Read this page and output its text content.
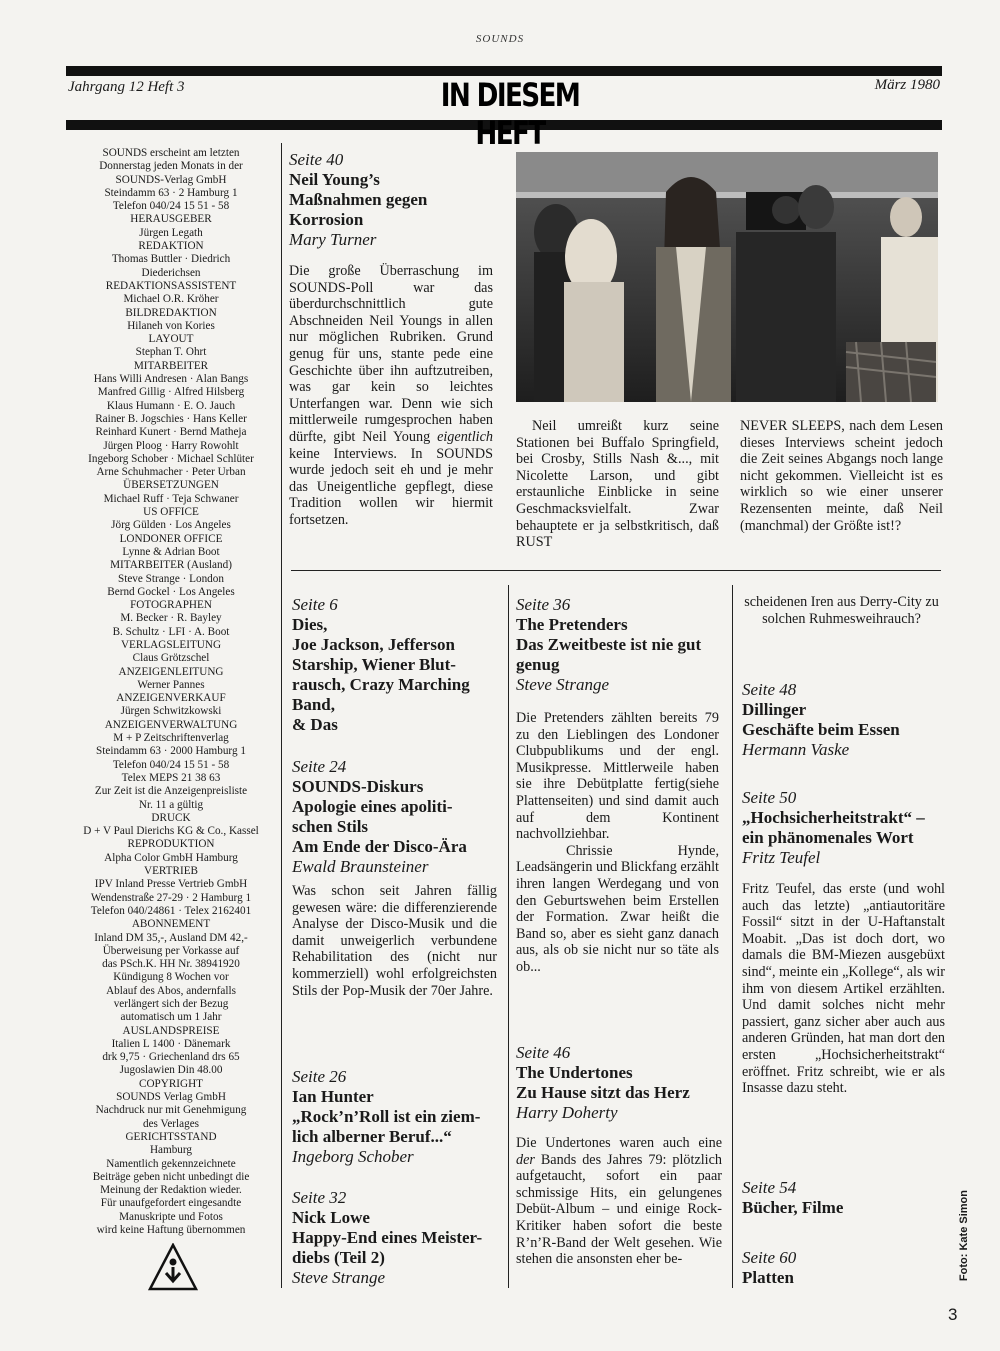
SOUNDS
Jahrgang 12 Heft 3	IN DIESEM HEFT
März 1980
SOUNDS erscheint am letzten
Donnerstag jeden Monats in der
SOUNDS-Verlag GmbH
Steindamm 63 · 2 Hamburg 1
Telefon 040/24 15 51 - 58
HERAUSGEBER
Jürgen Legath
REDAKTION
Thomas Buttler · Diedrich
Diederichsen
REDAKTIONSASSISTENT
Michael O.R. Kröher
BILDREDAKTION
Hilaneh von Kories
LAYOUT
Stephan T. Ohrt
MITARBEITER
Hans Willi Andresen · Alan Bangs
Manfred Gillig · Alfred Hilsberg
Klaus Humann · E. O. Jauch
Rainer B. Jogschies · Hans Keller
Reinhard Kunert · Bernd Matheja
Jürgen Ploog · Harry Rowohlt
Ingeborg Schober · Michael Schlüter
Arne Schuhmacher · Peter Urban
ÜBERSETZUNGEN
Michael Ruff · Teja Schwaner
US OFFICE
Jörg Gülden · Los Angeles
LONDONER OFFICE
Lynne & Adrian Boot
MITARBEITER (Ausland)
Steve Strange · London
Bernd Gockel · Los Angeles
FOTOGRAPHEN
M. Becker · R. Bayley
B. Schultz · LFI · A. Boot
VERLAGSLEITUNG
Claus Grötzschel
ANZEIGENLEITUNG
Werner Pannes
ANZEIGENVERKAUF
Jürgen Schwitzkowski
ANZEIGENVERWALTUNG
M + P Zeitschriftenverlag
Steindamm 63 · 2000 Hamburg 1
Telefon 040/24 15 51 - 58
Telex MEPS 21 38 63
Zur Zeit ist die Anzeigenpreisliste
Nr. 11 a gültig
DRUCK
D + V Paul Dierichs KG & Co., Kassel
REPRODUKTION
Alpha Color GmbH Hamburg
VERTRIEB
IPV Inland Presse Vertrieb GmbH
Wendenstraße 27-29 · 2 Hamburg 1
Telefon 040/24861 · Telex 2162401
ABONNEMENT
Inland DM 35,-, Ausland DM 42,-
Überweisung per Vorkasse auf
das PSch.K. HH Nr. 38941920
Kündigung 8 Wochen vor
Ablauf des Abos, andernfalls
verlängert sich der Bezug
automatisch um 1 Jahr
AUSLANDSPREISE
Italien L 1400 · Dänemark
drk 9,75 · Griechenland drs 65
Jugoslawien Din 48.00
COPYRIGHT
SOUNDS Verlag GmbH
Nachdruck nur mit Genehmigung
des Verlages
GERICHTSSTAND
Hamburg
Namentlich gekennzeichnete
Beiträge geben nicht unbedingt die
Meinung der Redaktion wieder.
Für unaufgefordert eingesandte
Manuskripte und Fotos
wird keine Haftung übernommen
Seite 40
Neil Young’s
Maßnahmen gegen
Korrosion
Mary Turner

Die große Überraschung im SOUNDS-Poll war das überdurchschnittlich gute Abschneiden Neil Youngs in allen nur möglichen Rubriken. Grund genug für uns, stante pede eine Geschichte über ihn auftzutreiben, was gar kein so leichtes Unterfangen war. Denn wie sich mittlerweile rumgesprochen haben dürfte, gibt Neil Young eigentlich keine Interviews. In SOUNDS wurde jedoch seit eh und je mehr das Uneigentliche gepflegt, diese Tradition wollen wir hiermit fortsetzen.

Neil umreißt kurz seine Stationen bei Buffalo Springfield, bei Crosby, Stills Nash &..., mit Nicolette Larson, und gibt erstaunliche Einblicke in seine Geschmacksvielfalt. Zwar behauptete er ja selbstkritisch, daß RUST

NEVER SLEEPS, nach dem Lesen dieses Interviews scheint jedoch die Zeit seines Abgangs noch lange nicht gekommen. Vielleicht ist es wirklich so wie einer unserer Rezensenten meinte, daß Neil (manchmal) der Größte ist!?

Seite 6
Dies,
Joe Jackson, Jefferson
Starship, Wiener Blut-
rausch, Crazy Marching
Band,
& Das
Seite 24
SOUNDS-Diskurs
Apologie eines apoliti-
schen Stils
Am Ende der Disco-Ära
Ewald Braunsteiner

Was schon seit Jahren fällig gewesen wäre: die differenzierende Analyse der Disco-Musik und die damit unweigerlich verbundene Rehabilitation des (nicht nur kommerziell) wohl erfolgreichsten Stils der Pop-Musik der 70er Jahre.

Seite 26
Ian Hunter
„Rock’n’Roll ist ein ziem-
lich alberner Beruf...“
Ingeborg Schober
Seite 32
Nick Lowe
Happy-End eines Meister-
diebs (Teil 2)
Steve Strange
Seite 36
The Pretenders
Das Zweitbeste ist nie gut
genug
Steve Strange

Die Pretenders zählten bereits 79 zu den Lieblingen des Londoner Clubpublikums und der engl. Musikpresse. Mittlerweile haben sie ihre Debütplatte fertig(siehe Plattenseiten) und sind damit auch auf dem Kontinent nachvollziehbar.

Chrissie Hynde, Leadsängerin und Blickfang erzählt ihren langen Werdegang und von den Geburtswehen beim Erstellen der Formation. Zwar heißt die Band so, aber es sieht ganz danach aus, als ob sie nicht nur so täte als ob...

Seite 46
The Undertones
Zu Hause sitzt das Herz
Harry Doherty

Die Undertones waren auch eine der Bands des Jahres 79: plötzlich aufgetaucht, sofort ein paar schmissige Hits, ein gelungenes Debüt-Album – und einige Rock-Kritiker haben sofort die beste R’n’R-Band der Welt gesehen. Wie stehen die ansonsten eher be-

scheidenen Iren aus Derry-City zu solchen Ruhmesweihrauch?

Seite 48
Dillinger
Geschäfte beim Essen
Hermann Vaske
Seite 50
„Hochsicherheitstrakt“ –
ein phänomenales Wort
Fritz Teufel

Fritz Teufel, das erste (und wohl auch das letzte) „antiautoritäre Fossil“ sitzt in der U-Haftanstalt Moabit. „Das ist doch dort, wo damals die BM-Miezen ausgebüxt sind“, meinte ein „Kollege“, als wir ihm von diesem Artikel erzählten. Und damit solches nicht mehr passiert, ganz sicher aber auch aus anderen Gründen, hat man dort den ersten „Hochsicherheitstrakt“ eröffnet. Fritz schreibt, wie er als Insasse dazu steht.

Seite 54
Bücher, Filme
Seite 60
Platten	Foto: Kate Simon
3
